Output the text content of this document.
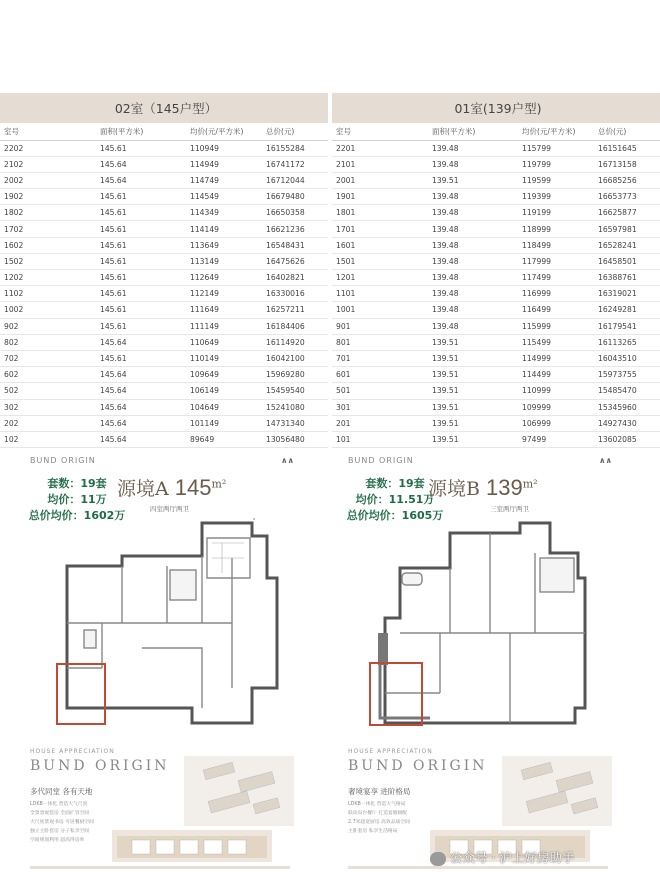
02室（145户型）			

室号	面积(平方米)	均价(元/平方米)	总价(元)
2202	145.61	110949	16155284
2102	145.64	114949	16741172
2002	145.64	114749	16712044
1902	145.61	114549	16679480
1802	145.61	114349	16650358
1702	145.61	114149	16621236
1602	145.61	113649	16548431
1502	145.61	113149	16475626
1202	145.61	112649	16402821
1102	145.61	112149	16330016
1002	145.61	111649	16257211
902	145.61	111149	16184406
802	145.64	110649	16114920
702	145.61	110149	16042100
602	145.64	109649	15969280
502	145.64	106149	15459540
302	145.64	104649	15241080
202	145.64	101149	14731340
102	145.64	89649	13056480
01室(139户型)			

室号	面积(平方米)	均价(元/平方米)	总价(元)
2201	139.48	115799	16151645
2101	139.48	119799	16713158
2001	139.51	119599	16685256
1901	139.48	119399	16653773
1801	139.48	119199	16625877
1701	139.48	118999	16597981
1601	139.48	118499	16528241
1501	139.48	117999	16458501
1201	139.48	117499	16388761
1101	139.48	116999	16319021
1001	139.48	116499	16249281
901	139.48	115999	16179541
801	139.51	115499	16113265
701	139.51	114999	16043510
601	139.51	114499	15973755
501	139.51	110999	15485470
301	139.51	109999	15345960
201	139.51	106999	14927430
101	139.51	97499	13602085
BUND ORIGIN	∧∧
套数：19套
均价：11万
总价均价：1602万
源境A $145^{m^2}$
四室两厅两卫
HOUSE APPRECIATION
BUND ORIGIN
多代同堂 各有天地
LDKB一体化 营造大气尺度
全景景观套房 全面扩容空间
大尺度景观书房 可居餐厨空间
独立主卧套房 分子私享空间
空间规划利用 超高得房率
BUND ORIGIN	∧∧
套数：19套
均价：11.51万
总价均价：1605万
源境B $139^{m^2}$
三室两厅两卫
HOUSE APPRECIATION
BUND ORIGIN
奢境宴享 进阶格局
LDKB一体化 营造大气格局
联动岛台餐厅 打造宴飨阔配
2.7米超宽厨房 高效品质空间
主卧套房 私享生活格局
公众号 · 沪上好房助手
